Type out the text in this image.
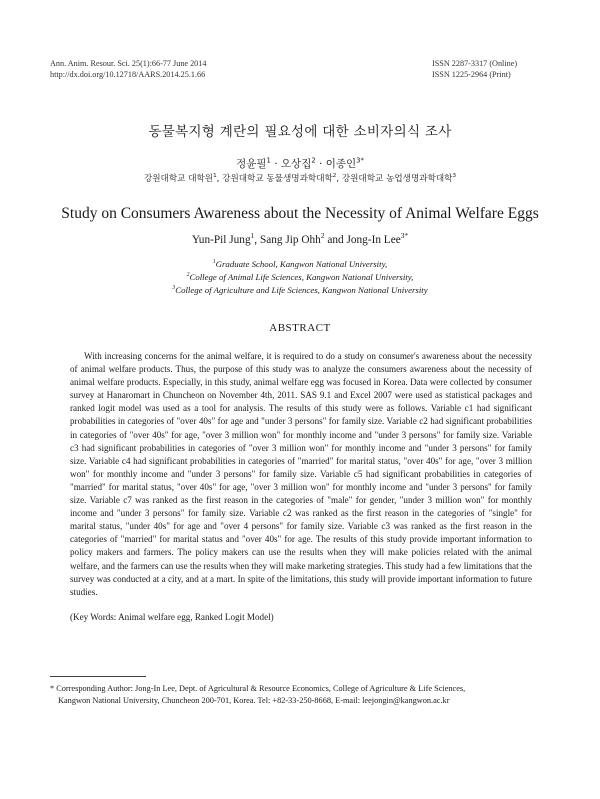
Ann. Anim. Resour. Sci. 25(1):66-77 June 2014
http://dx.doi.org/10.12718/AARS.2014.25.1.66
ISSN 2287-3317 (Online)
ISSN 1225-2964 (Print)
동물복지형 계란의 필요성에 대한 소비자의식 조사
정윤필$^1$ · 오상집$^2$ · 이종인$^{3*}$
강원대학교 대학원$^1$, 강원대학교 동물생명과학대학$^2$, 강원대학교 농업생명과학대학$^3$
Study on Consumers Awareness about the Necessity of Animal Welfare Eggs
Yun-Pil Jung$^1$, Sang Jip Ohh$^2$ and Jong-In Lee$^{3*}$
$^1$Graduate School, Kangwon National University,
$^2$College of Animal Life Sciences, Kangwon National University,
$^3$College of Agriculture and Life Sciences, Kangwon National University
ABSTRACT
With increasing concerns for the animal welfare, it is required to do a study on consumer's awareness about the necessity of animal welfare products. Thus, the purpose of this study was to analyze the consumers awareness about the necessity of animal welfare products. Especially, in this study, animal welfare egg was focused in Korea. Data were collected by consumer survey at Hanaromart in Chuncheon on November 4th, 2011. SAS 9.1 and Excel 2007 were used as statistical packages and ranked logit model was used as a tool for analysis. The results of this study were as follows. Variable c1 had significant probabilities in categories of "over 40s" for age and "under 3 persons" for family size. Variable c2 had significant probabilities in categories of "over 40s" for age, "over 3 million won" for monthly income and "under 3 persons" for family size. Variable c3 had significant probabilities in categories of "over 3 million won" for monthly income and "under 3 persons" for family size. Variable c4 had significant probabilities in categories of "married" for marital status, "over 40s" for age, "over 3 million won" for monthly income and "under 3 persons" for family size. Variable c5 had significant probabilities in categories of "married" for marital status, "over 40s" for age, "over 3 million won" for monthly income and "under 3 persons" for family size. Variable c7 was ranked as the first reason in the categories of "male" for gender, "under 3 million won" for monthly income and "under 3 persons" for family size. Variable c2 was ranked as the first reason in the categories of "single" for marital status, "under 40s" for age and "over 4 persons" for family size. Variable c3 was ranked as the first reason in the categories of "married" for marital status and "over 40s" for age. The results of this study provide important information to policy makers and farmers. The policy makers can use the results when they will make policies related with the animal welfare, and the farmers can use the results when they will make marketing strategies. This study had a few limitations that the survey was conducted at a city, and at a mart. In spite of the limitations, this study will provide important information to future studies.
(Key Words: Animal welfare egg, Ranked Logit Model)
* Corresponding Author: Jong-In Lee, Dept. of Agricultural & Resource Economics, College of Agriculture & Life Sciences,
Kangwon National University, Chuncheon 200-701, Korea. Tel: +82-33-250-8668, E-mail: leejongin@kangwon.ac.kr
